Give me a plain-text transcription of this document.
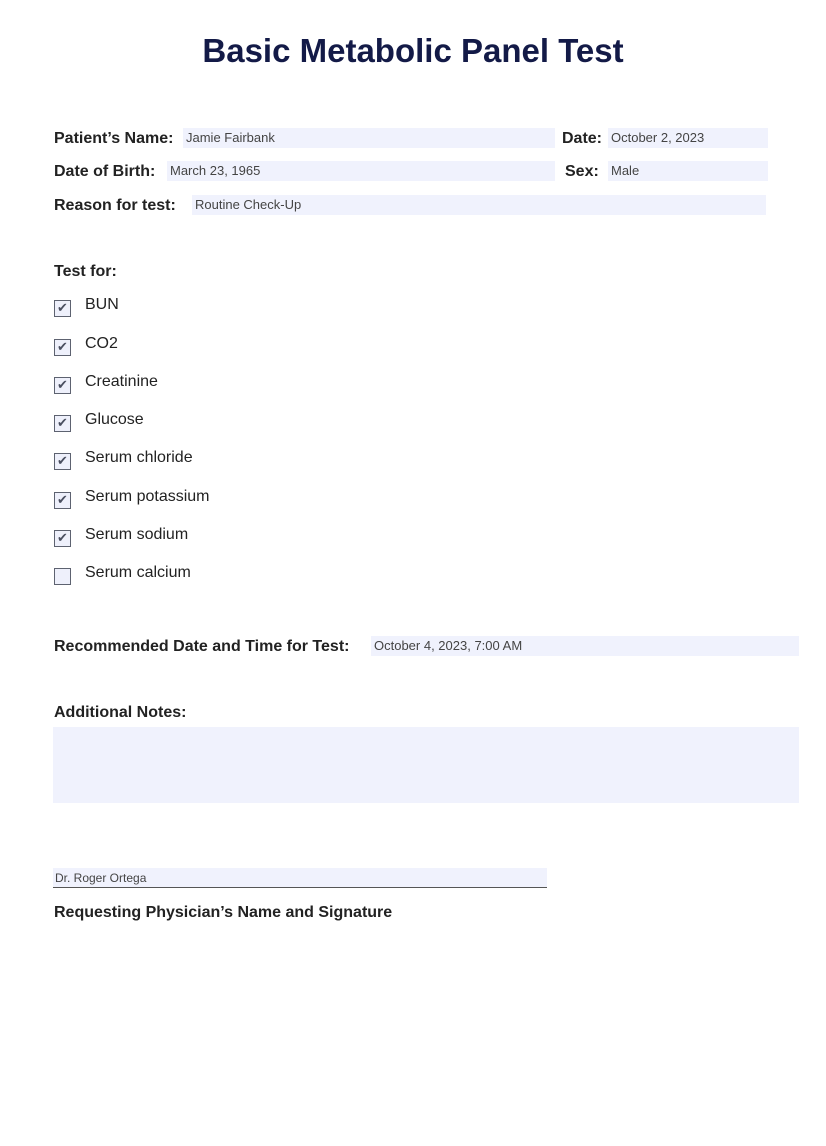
Basic Metabolic Panel Test
Patient’s Name: Jamie Fairbank	Date: October 2, 2023
Date of Birth: March 23, 1965	Sex: Male
Reason for test: Routine Check-Up
Test for:
✔ BUN
✔ CO2
✔ Creatinine
✔ Glucose
✔ Serum chloride
✔ Serum potassium
✔ Serum sodium
Serum calcium
Recommended Date and Time for Test: October 4, 2023, 7:00 AM
Additional Notes:
Dr. Roger Ortega
Requesting Physician’s Name and Signature
